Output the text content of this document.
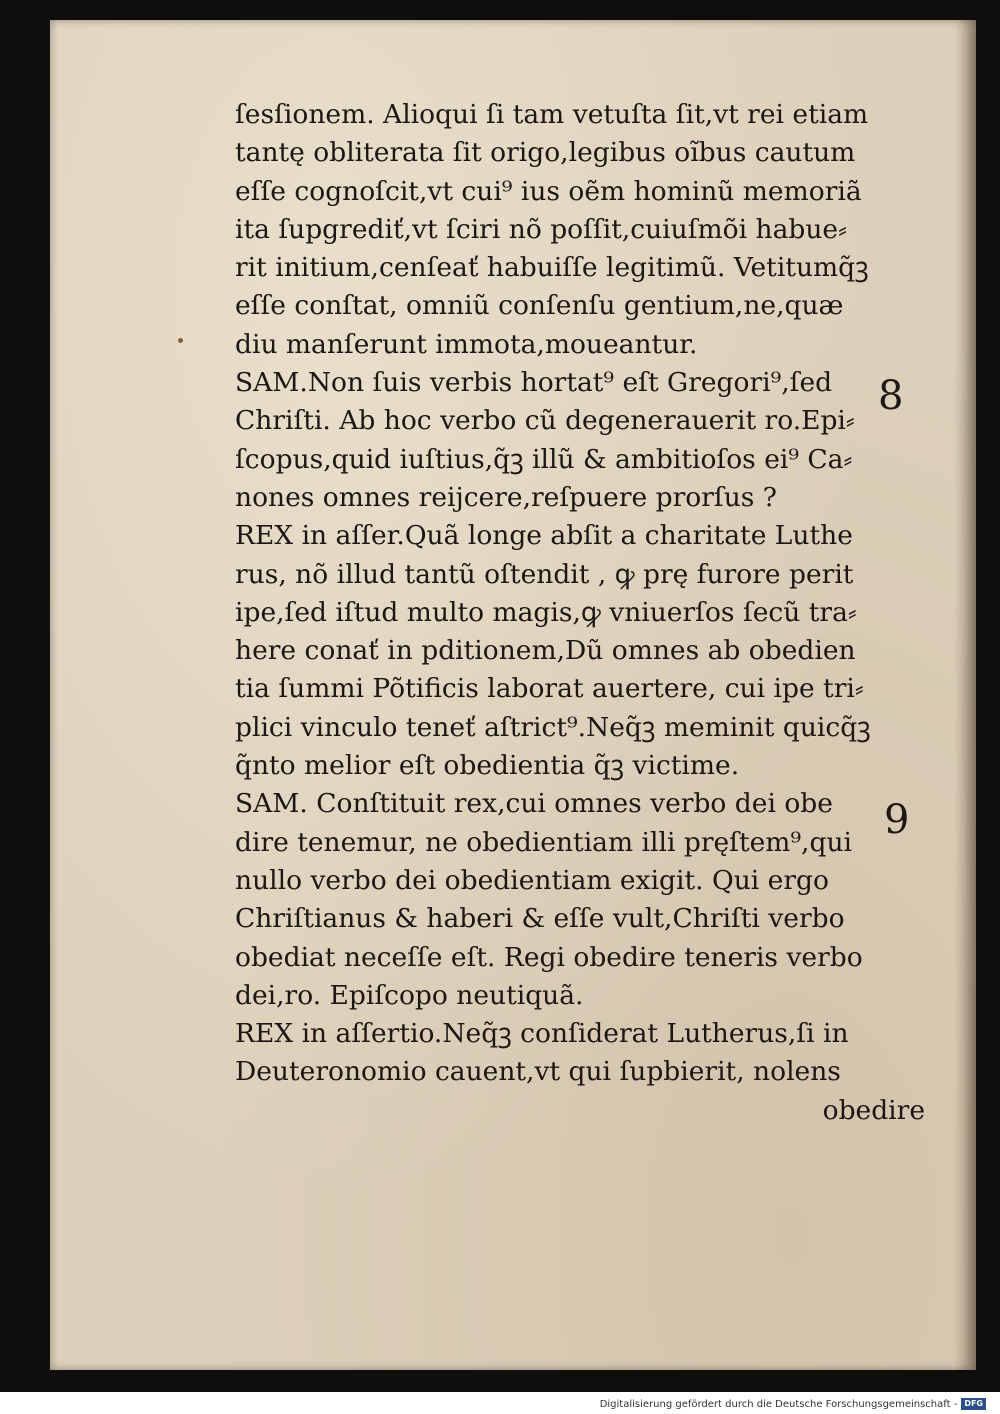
ſesſionem. Alioqui ſi tam vetuſta ſit,vt rei etiam
tantę obliterata ſit origo,legibus oĩbus cautum
eſſe cognoſcit,vt cui⁹ ius oẽm hominũ memoriã
ita ſupgrediť,vt ſciri nõ poſſit,cuiuſmõi habue⸗
rit initium,cenſeať habuiſſe legitimũ. Vetitumq̃ꝫ
eſſe conſtat, omniũ conſenſu gentium,ne,quæ
diu manſerunt immota,moueantur.
SAM.Non ſuis verbis hortat⁹ eſt Gregori⁹,ſed
Chriſti. Ab hoc verbo cũ degenerauerit ro.Epi⸗
ſcopus,quid iuſtius,q̃ꝫ illũ & ambitioſos ei⁹ Ca⸗
nones omnes reijcere,reſpuere prorſus ?
REX in aſſer.Quã longe abſit a charitate Luthe
rus, nõ illud tantũ oſtendit , ꝙ prę furore perit
ipe,ſed iſtud multo magis,ꝙ vniuerſos ſecũ tra⸗
here conať in pditionem,Dũ omnes ab obedien
tia ſummi Põtificis laborat auertere, cui ipe tri⸗
plici vinculo teneť aſtrict⁹.Neq̃ꝫ meminit quicq̃ꝫ
q̃nto melior eſt obedientia q̃ꝫ victime.
SAM. Conſtituit rex,cui omnes verbo dei obe
dire tenemur, ne obedientiam illi pręſtem⁹,qui
nullo verbo dei obedientiam exigit. Qui ergo
Chriſtianus & haberi & eſſe vult,Chriſti verbo
obediat neceſſe eſt. Regi obedire teneris verbo
dei,ro. Epiſcopo neutiquã.
REX in aſſertio.Neq̃ꝫ conſiderat Lutherus,ſi in
Deuteronomio cauent,vt qui ſupbierit, nolens
obedire
8
9
Digitalisierung gefördert durch die Deutsche Forschungsgemeinschaft - DFG
